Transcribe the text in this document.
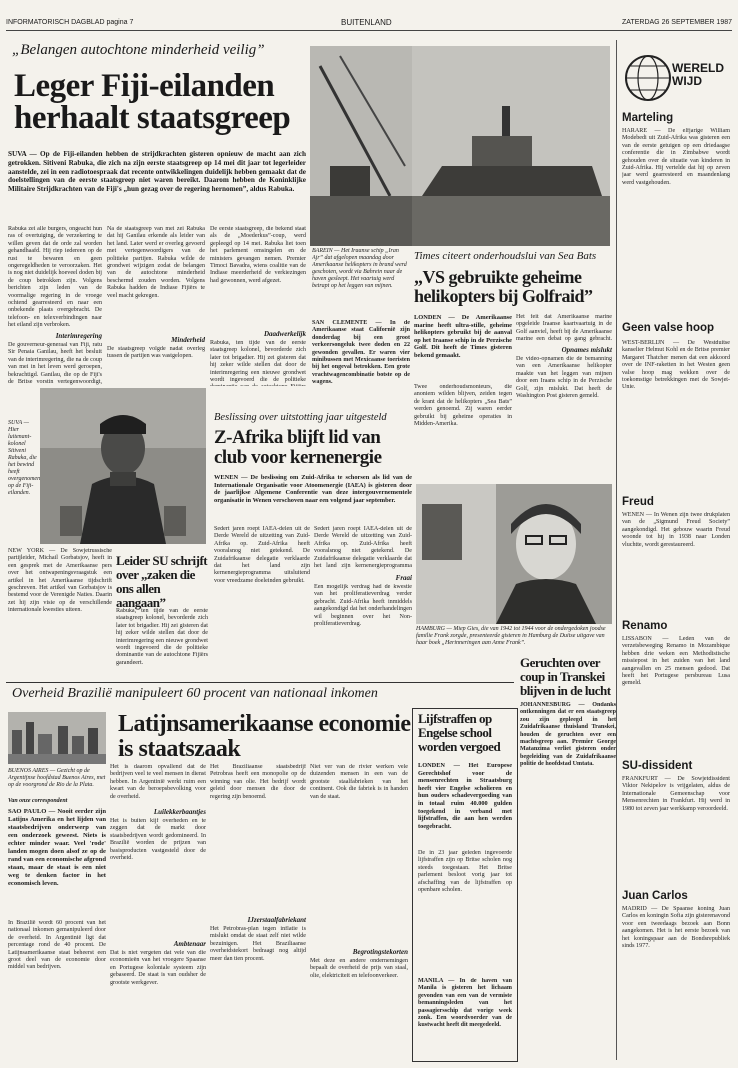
INFORMATORISCH DAGBLAD pagina 7	BUITENLAND	ZATERDAG 26 SEPTEMBER 1987
„Belangen autochtone minderheid veilig”
Leger Fiji-eilanden herhaalt staatsgreep
SUVA — Op de Fiji-eilanden hebben de strijdkrachten gisteren opnieuw de macht aan zich getrokken. Sitiveni Rabuka, die zich na zijn eerste staatsgreep op 14 mei dit jaar tot legerleider aanstelde, zei in een radiotoespraak dat recente ontwikkelingen duidelijk hebben gemaakt dat de doelstellingen van de eerste staatsgreep niet waren bereikt. Daarom hebben de Koninklijke Militaire Strijdkrachten van de Fiji's „hun gezag over de regering hernomen”, aldus Rabuka.

Rabuka zei alle burgers, ongeacht hun ras of overtuiging, de verzekering te willen geven dat de orde zal worden gehandhaafd. Hij riep iedereen op de rust te bewaren en geen ongeregeldheden te veroorzaken. Het is nog niet duidelijk hoeveel doden bij de coup betrokken zijn. Volgens berichten zijn leden van de voormalige regering in de vroege ochtend gearresteerd en naar een onbekende plaats overgebracht. De telefoon- en telexverbindingen naar het eiland zijn verbroken.

Interimregering
De gouverneur-generaal van Fiji, ratu Sir Penaia Ganilau, heeft het besluit van de interimregering, die na de coup van mei in het leven werd geroepen, bekrachtigd. Ganilau, die op de Fiji's de Britse vorstin vertegenwoordigt,
Na de staatsgreep van mei zei Rabuka dat hij Ganilau erkende als leider van het land. Later werd er overleg gevoerd met vertegenwoordigers van de politieke partijen. Rabuka wilde de grondwet wijzigen zodat de belangen van de autochtone minderheid beschermd zouden worden. Volgens Rabuka hadden de Indiase Fijiërs te veel macht gekregen.
Minderheid
De staatsgreep volgde nadat overleg tussen de partijen was vastgelopen.
De eerste staatsgreep, die bekend staat als de „Moederkus”-coup, werd gepleegd op 14 mei. Rabuka liet toen het parlement omsingelen en de ministers gevangen nemen. Premier Timoci Bavadra, wiens coalitie van de Indiase meerderheid de verkiezingen had gewonnen, werd afgezet.
Daadwerkelijk
Rabuka, ten tijde van de eerste staatsgreep kolonel, bevorderde zich later tot brigadier. Hij zei gisteren dat hij zeker wilde stellen dat door de interimregering een nieuwe grondwet wordt ingevoerd die de politieke
SUVA — Hier luitenant-kolonel Sitiveni Rabuka, die het bewind heeft overgenomen op de Fiji-eilanden.
NEW YORK — De Sowjetrussische partijleider, Michail Gorbatsjov, heeft in een gesprek met de Amerikaanse pers over het ontwapeningsvraagstuk een artikel in het Amerikaanse tijdschrift geschreven. Het artikel van Gorbatsjov is bestemd voor de Verenigde Naties. Daarin zet hij zijn visie op de verschillende internationale kwesties uiteen.
Leider SU schrijft over „zaken die ons allen aangaan”
Rabuka, ten tijde van de eerste staatsgreep kolonel, bevorderde zich later tot brigadier. Hij zei gisteren dat hij zeker wilde stellen dat door de interimregering een nieuwe grondwet wordt ingevoerd die de politieke dominantie van de autochtone Fijiërs garandeert.
BAREIN — Het Iraanse schip „Iran Ajr” dat afgelopen maandag door Amerikaanse helikopters in brand werd geschoten, wordt via Bahrein naar de haven gesleept. Het vaartuig werd betrapt op het leggen van mijnen.
SAN CLEMENTE — In de Amerikaanse staat Californië zijn donderdag bij een groot verkeersongeluk twee doden en 22 gewonden gevallen. Er waren vier minibussen met Mexicaanse toeristen bij het ongeval betrokken. Een grote vrachtwagencombinatie botste op de wagens.
Times citeert onderhoudslui van Sea Bats
„VS gebruikte geheime helikopters bij Golfraid”
LONDEN — De Amerikaanse marine heeft ultra-stille, geheime helikopters gebruikt bij de aanval op het Iraanse schip in de Perzische Golf. Dit heeft de Times gisteren bekend gemaakt.
Twee onderhoudsmonteurs, die anoniem wilden blijven, zeiden tegen de krant dat de helikopters „Sea Bats” werden genoemd. Zij waren eerder gebruikt bij geheime operaties in Midden-Amerika.
Het feit dat Amerikaanse marine opgeleide Iraanse kaartvaartuig in de Golf aanviel, heeft bij de Amerikaanse marine een debat op gang gebracht.
Opnames mislukt
De video-opnamen die de bemanning van een Amerikaanse helikopter maakte van het leggen van mijnen door een Iraans schip in de Perzische Golf, zijn mislukt. Dat heeft de Washington Post gisteren gemeld.
Beslissing over uitstotting jaar uitgesteld
Z-Afrika blijft lid van club voor kernenergie
WENEN — De beslissing om Zuid-Afrika te schorsen als lid van de Internationale Organisatie voor Atoomenergie (IAEA) is gisteren door de jaarlijkse Algemene Conferentie van deze intergouvernementele organisatie in Wenen verschoven naar een volgend jaar september.
Sedert jaren roept IAEA-delen uit de Derde Wereld de uitzetting van Zuid-Afrika op. Zuid-Afrika heeft vooralsnog niet getekend. De Zuidafrikaanse delegatie verklaarde dat het land zijn kernenergieprogramma uitsluitend voor vreedzame doeleinden gebruikt.
Sedert jaren roept IAEA-delen uit de Derde Wereld de uitzetting van Zuid-Afrika op. Zuid-Afrika heeft vooralsnog niet getekend. De Zuidafrikaanse delegatie verklaarde dat het land zijn kernenergieprogramma
Fraai
Een mogelijk verdrag had de kwestie van het proliferatieverdrag verder gebracht. Zuid-Afrika heeft inmiddels aangekondigd dat het onderhandelingen wil beginnen over het Non-proliferatieverdrag.
HAMBURG — Miep Gies, die van 1942 tot 1944 voor de ondergedoken joodse familie Frank zorgde, presenteerde gisteren in Hamburg de Duitse uitgave van haar boek „Herinneringen aan Anne Frank”.
Geruchten over coup in Transkei blijven in de lucht
JOHANNESBURG — Ondanks ontkenningen dat er een staatsgreep zou zijn gepleegd in het Zuidafrikaanse thuisland Transkei, houden de geruchten over een machtsgreep aan. Premier George Matanzima verliet gisteren onder begeleiding van de Zuidafrikaanse politie de hoofdstad Umtata.
WERELD WIJD
Marteling
HARARE — De elfjarige William Modebedi uit Zuid-Afrika was gisteren een van de eerste getuigen op een driedaagse conferentie die in Zimbabwe wordt gehouden over de situatie van kinderen in Zuid-Afrika. Hij vertelde dat hij op zeven jaar werd gearresteerd en maandenlang werd vastgehouden.
Geen valse hoop
WEST-BERLIJN — De Westduitse kanselier Helmut Kohl en de Britse premier Margaret Thatcher menen dat een akkoord over de INF-raketten in het Westen geen valse hoop mag wekken over de toekomstige betrekkingen met de Sowjet-Unie.
Freud
WENEN — In Wenen zijn twee drukplaten van de „Sigmund Freud Society” aangekondigd. Het gebouw waarin Freud woonde tot hij in 1938 naar Londen vluchtte, wordt gerestaureerd.
Renamo
LISSABON — Leden van de verzetsbeweging Renamo in Mozambique hebben drie weken een Methodistische missiepost in het zuiden van het land aangevallen en 25 mensen gedood. Dat heeft het Portugese persbureau Lusa gemeld.
SU-dissident
FRANKFURT — De Sowjetdissident Viktor Nekipelov is vrijgelaten, aldus de Internationale Gemeenschap voor Mensenrechten in Frankfurt. Hij werd in 1980 tot zeven jaar werkkamp veroordeeld.
Juan Carlos
MADRID — De Spaanse koning Juan Carlos en koningin Sofia zijn gisterenavond voor een tweedaags bezoek aan Bonn aangekomen. Het is het eerste bezoek van het koningspaar aan de Bondsrepubliek sinds 1977.
Overheid Brazilië manipuleert 60 procent van nationaal inkomen
Latijnsamerikaanse economie is staatszaak
BUENOS AIRES — Gezicht op de Argentijnse hoofdstad Buenos Aires, met op de voorgrond de Rio de la Plata.
Van onze correspondent
SAO PAULO — Nooit eerder zijn Latijns Amerika en het lijden van staatsbedrijven onderwerp van een onderzoek geweest. Niets is echter minder waar. Veel 'rode' landen mogen doen alsof ze op de rand van een economische afgrond staan, maar de staat is een niet weg te denken factor in het economisch leven.
In Brazilië wordt 60 procent van het nationaal inkomen gemanipuleerd door de overheid. In Argentinië ligt dat percentage rond de 40 procent. De Latijnsamerikaanse staat beheerst een groot deel van de economie door middel van bedrijven.
Het is daarom opvallend dat de bedrijven veel te veel mensen in dienst hebben. In Argentinië werkt ruim een kwart van de beroepsbevolking voor de overheid.
Luilekkerbaantjes
Het is buiten kijf overheden en te zeggen dat de markt door staatsbedrijven wordt gedomineerd. In Brazilië worden de prijzen van basisproducten vastgesteld door de overheid.
Ambtenaar
Dat is niet vergeten dat vele van die economieën van het vroegere Spaanse en Portugese koloniale systeem zijn gebaseerd. De staat is van oudsher de grootste werkgever.
Het Braziliaanse staatsbedrijf Petrobras heeft een monopolie op de winning van olie. Het bedrijf wordt geleid door mensen die door de regering zijn benoemd.
IJzerstaalfabriekant
Het Petrobras-plan tegen inflatie is mislukt omdat de staat zelf niet wilde bezuinigen. Het Braziliaanse overheidstekort bedraagt nog altijd meer dan tien procent.
Niet ver van de rivier werken vele duizenden mensen in een van de grootste staalfabrieken van het continent. Ook die fabriek is in handen van de staat.
Begrotingstekorten
Met deze en andere ondernemingen bepaalt de overheid de prijs van staal, olie, elektriciteit en telefoonverkeer.
Lijfstraffen op Engelse school worden vergoed
LONDEN — Het Europese Gerechtshof voor de mensenrechten in Straatsburg heeft vier Engelse scholieren en hun ouders schadevergoeding van in totaal ruim 40.000 gulden toegekend in verband met lijfstraffen, die aan hen werden toegebracht.
De in 23 jaar geleden ingevoerde lijfstraffen zijn op Britse scholen nog steeds toegestaan. Het Britse parlement besloot vorig jaar tot afschaffing van de lijfstraffen op openbare scholen.
MANILA — In de haven van Manila is gisteren het lichaam gevonden van een van de vermiste bemanningsleden van het passagiersschip dat vorige week zonk. Een woordvoerder van de kustwacht heeft dit meegedeeld.
